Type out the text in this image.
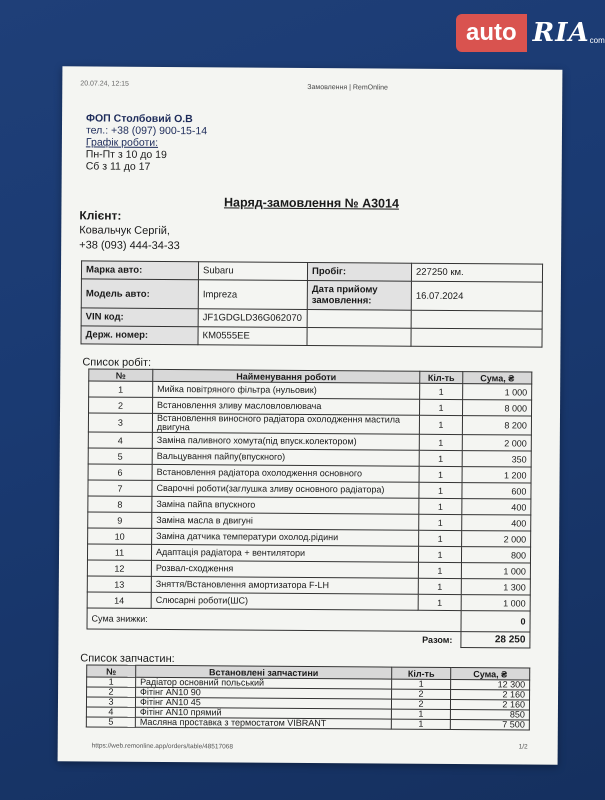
auto RIA com
20.07.24, 12:15	Замовлення | RemOnline
ФОП Столбовий О.В
тел.: +38 (097) 900-15-14
Графік роботи:
Пн-Пт з 10 до 19
Сб з 11 до 17
Наряд-замовлення № А3014
Клієнт:
Ковальчук Сергій,
+38 (093) 444-34-33
Марка авто:	Subaru	Пробіг:	227250 км.
Модель авто:	Impreza	Дата прийому замовлення:	16.07.2024
VIN код:	JF1GDGLD36G062070		
Держ. номер:	КМ0555ЕЕ		
Список робіт:
№	Найменування роботи	Кіл-ть	Сума, ₴
1	Мийка повітряного фільтра (нульовик)	1	1 000
2	Встановлення зливу масловловлювача	1	8 000
3	Встановлення виносного радіатора охолодження мастила двигуна	1	8 200
4	Заміна паливного хомута(під впуск.колектором)	1	2 000
5	Вальцування пайпу(впускного)	1	350
6	Встановлення радіатора охолодження основного	1	1 200
7	Сварочні роботи(заглушка зливу основного радіатора)	1	600
8	Заміна пайпа впускного	1	400
9	Заміна масла в двигуні	1	400
10	Заміна датчика температури охолод.рідини	1	2 000
11	Адаптація радіатора + вентилятори	1	800
12	Розвал-сходження	1	1 000
13	Зняття/Встановлення амортизатора F-LH	1	1 300
14	Слюсарні роботи(ШС)	1	1 000
Сума знижки:			0
Разом:			28 250
Список запчастин:
№	Встановлені запчастини	Кіл-ть	Сума, ₴
1	Радіатор основний польський	1	12 300
2	Фітінг AN10 90	2	2 160
3	Фітінг AN10 45	2	2 160
4	Фітінг AN10 прямий	1	850
5	Масляна проставка з термостатом VIBRANT	1	7 500
https://web.remonline.app/orders/table/48517068	1/2
